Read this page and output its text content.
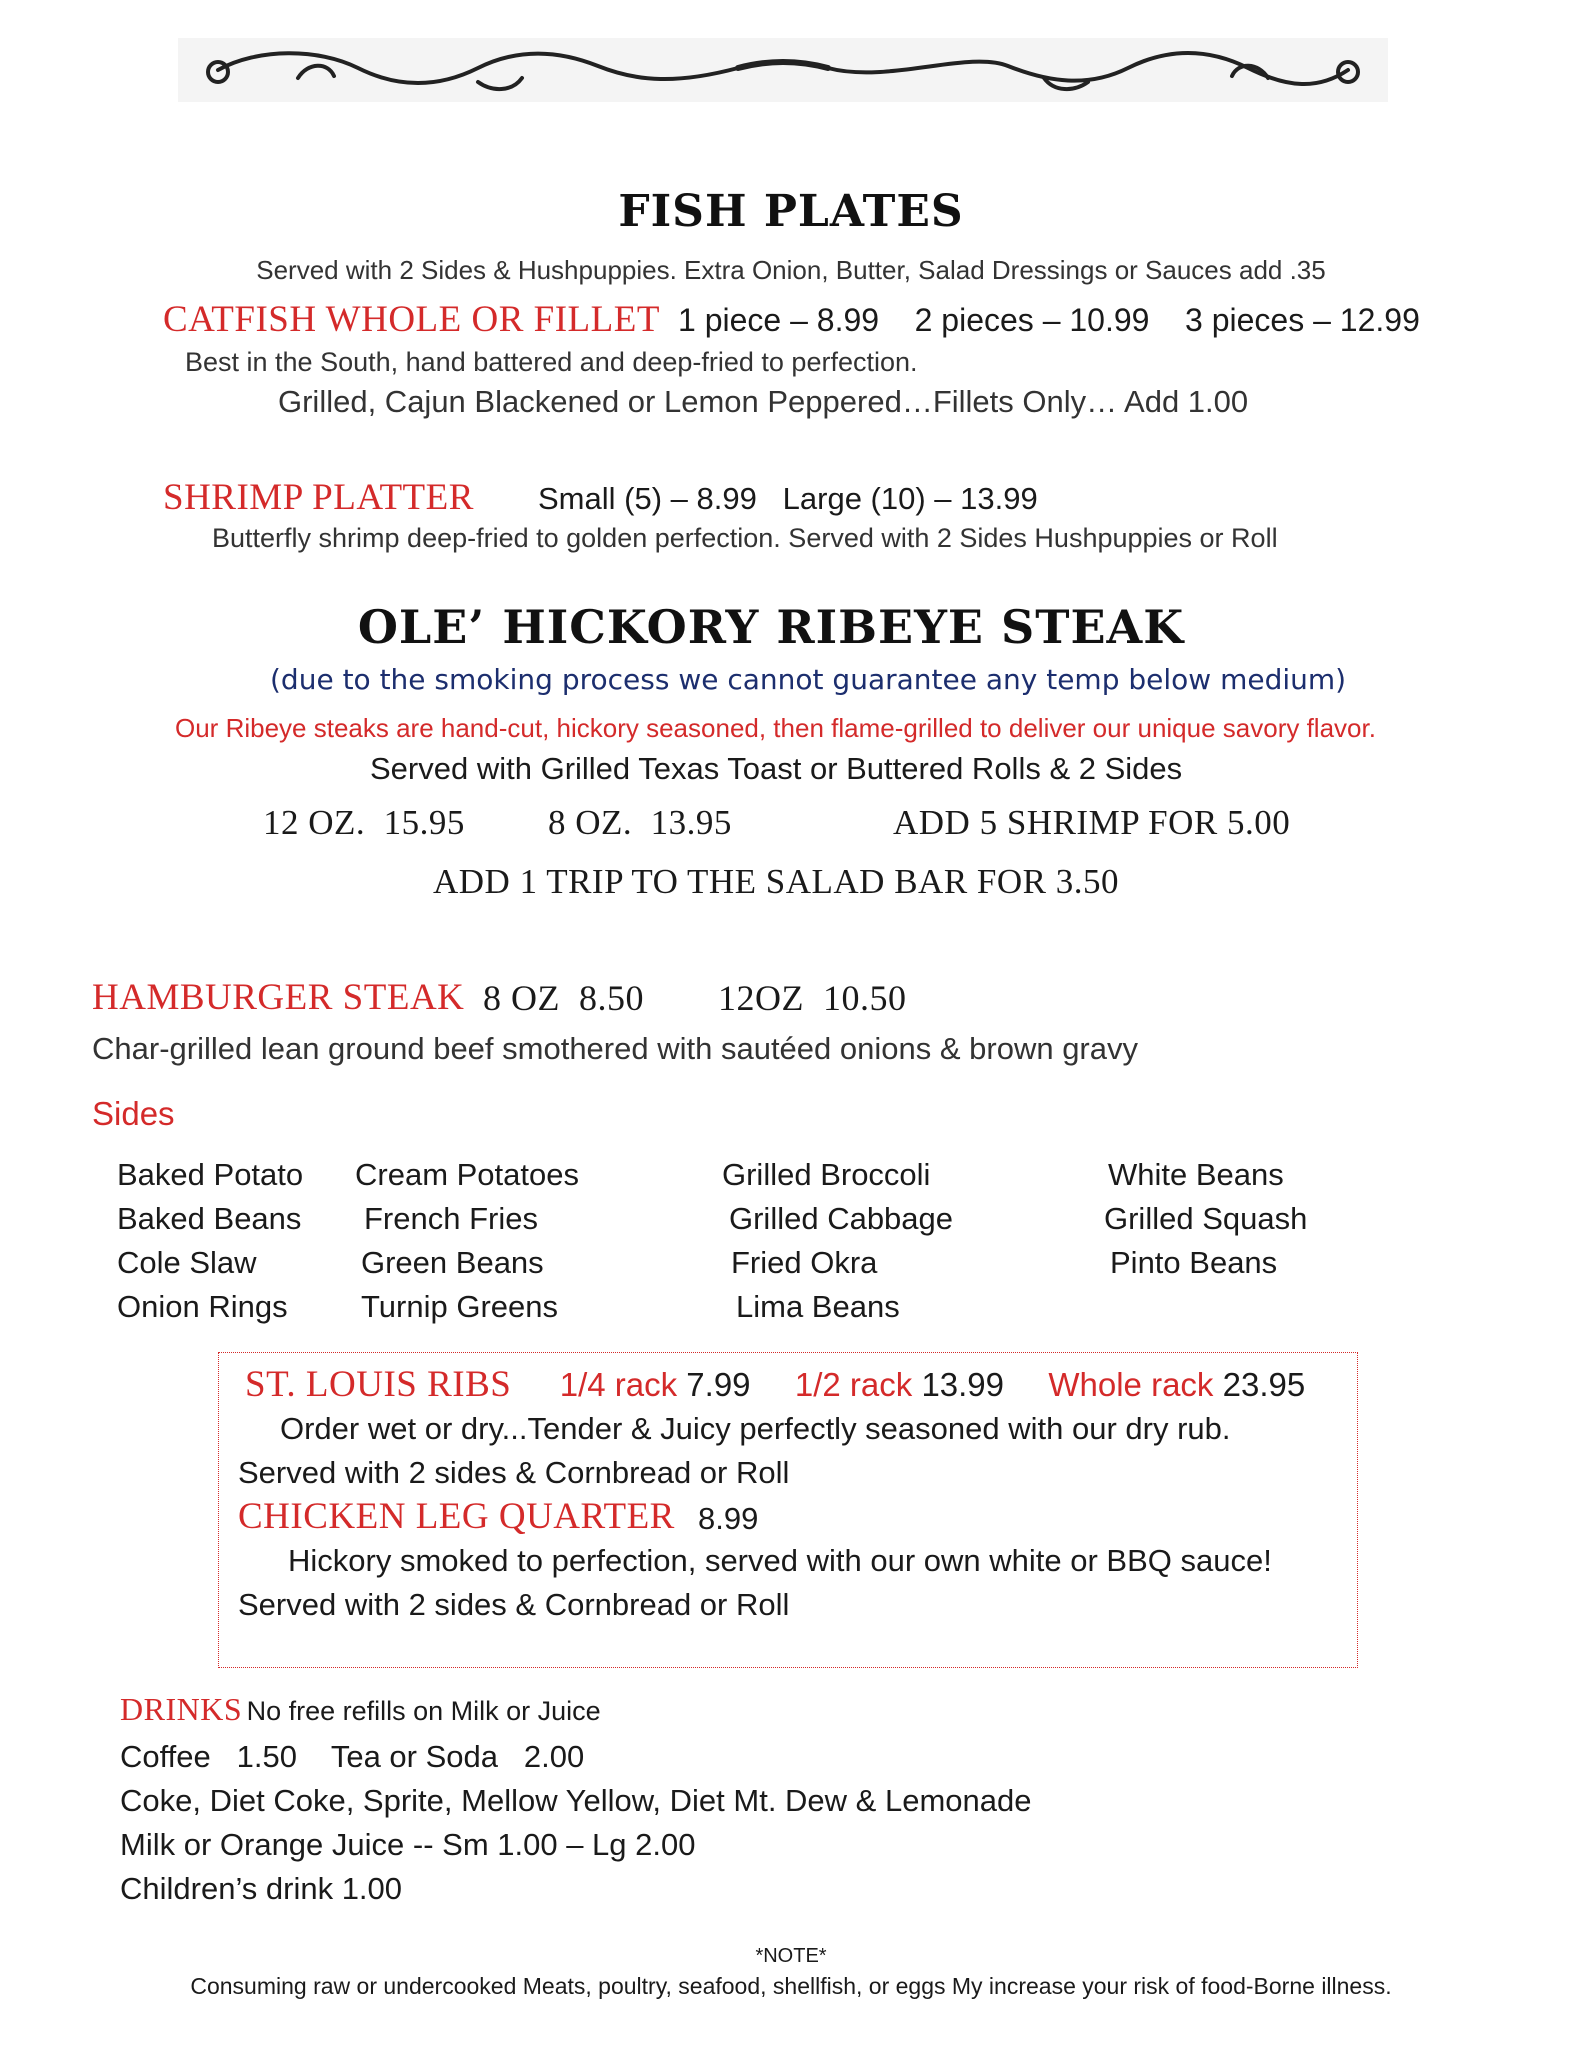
FISH PLATES
Served with 2 Sides & Hushpuppies. Extra Onion, Butter, Salad Dressings or Sauces add .35
CATFISH WHOLE OR FILLET 1 piece – 8.99    2 pieces – 10.99    3 pieces – 12.99
Best in the South, hand battered and deep-fried to perfection.
Grilled, Cajun Blackened or Lemon Peppered…Fillets Only… Add 1.00
SHRIMP PLATTER Small (5) – 8.99   Large (10) – 13.99
Butterfly shrimp deep-fried to golden perfection. Served with 2 Sides Hushpuppies or Roll
OLE’ HICKORY RIBEYE STEAK
(due to the smoking process we cannot guarantee any temp below medium)
Our Ribeye steaks are hand-cut, hickory seasoned, then flame-grilled to deliver our unique savory flavor.
Served with Grilled Texas Toast or Buttered Rolls & 2 Sides
12 OZ.  15.95 8 OZ.  13.95	ADD 5 SHRIMP FOR 5.00
ADD 1 TRIP TO THE SALAD BAR FOR 3.50
HAMBURGER STEAK 8 OZ  8.50 12OZ  10.50
Char-grilled lean ground beef smothered with sautéed onions & brown gravy
Sides
Baked Potato
Baked Beans
Cole Slaw
Onion Rings
Cream Potatoes
French Fries
Green Beans
Turnip Greens
Grilled Broccoli
Grilled Cabbage
Fried Okra
Lima Beans
White Beans
Grilled Squash
Pinto Beans
ST. LOUIS RIBS 1/4 rack 7.99 1/2 rack 13.99 Whole rack 23.95
Order wet or dry...Tender & Juicy perfectly seasoned with our dry rub.
Served with 2 sides & Cornbread or Roll
CHICKEN LEG QUARTER 8.99
Hickory smoked to perfection, served with our own white or BBQ sauce!
Served with 2 sides & Cornbread or Roll
DRINKS No free refills on Milk or Juice
Coffee   1.50    Tea or Soda   2.00
Coke, Diet Coke, Sprite, Mellow Yellow, Diet Mt. Dew & Lemonade
Milk or Orange Juice -- Sm 1.00 – Lg 2.00
Children’s drink 1.00
*NOTE*
Consuming raw or undercooked Meats, poultry, seafood, shellfish, or eggs My increase your risk of food-Borne illness.
